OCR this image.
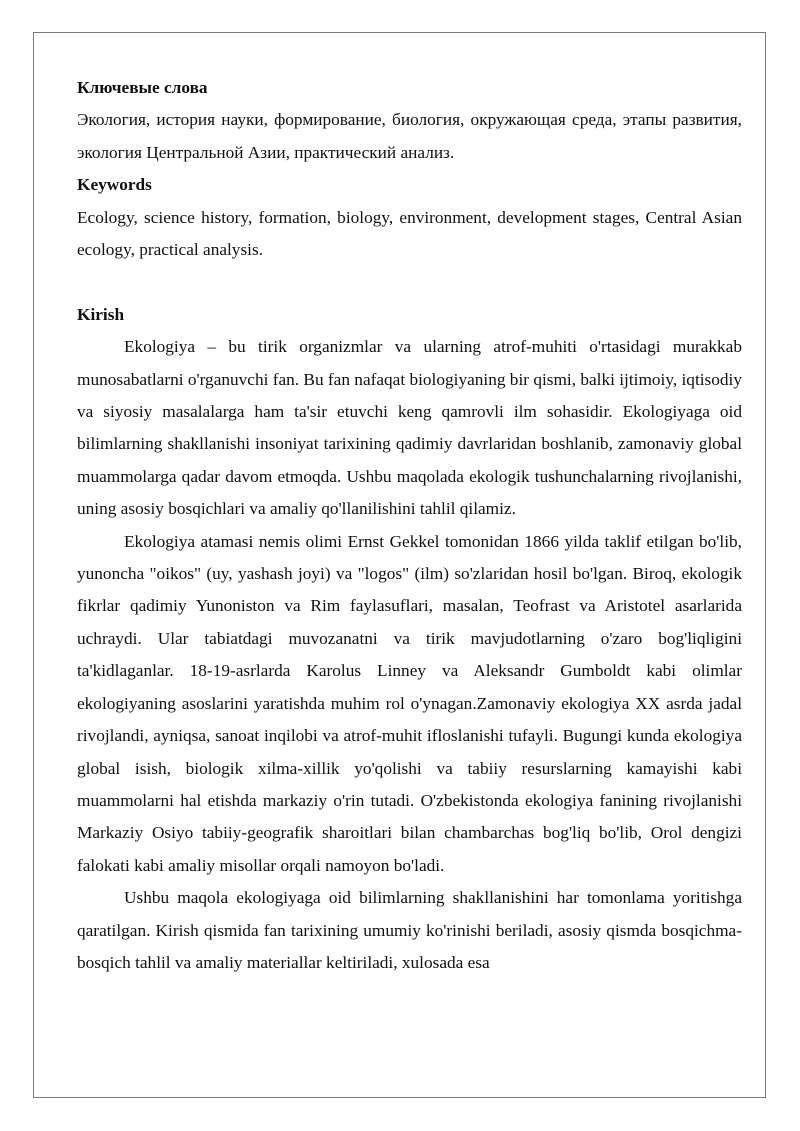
Ключевые слова

Экология, история науки, формирование, биология, окружающая среда, этапы развития, экология Центральной Азии, практический анализ.

Keywords

Ecology, science history, formation, biology, environment, development stages, Central Asian ecology, practical analysis.

Kirish

Ekologiya – bu tirik organizmlar va ularning atrof-muhiti o'rtasidagi murakkab munosabatlarni o'rganuvchi fan. Bu fan nafaqat biologiyaning bir qismi, balki ijtimoiy, iqtisodiy va siyosiy masalalarga ham ta'sir etuvchi keng qamrovli ilm sohasidir. Ekologiyaga oid bilimlarning shakllanishi insoniyat tarixining qadimiy davrlaridan boshlanib, zamonaviy global muammolarga qadar davom etmoqda. Ushbu maqolada ekologik tushunchalarning rivojlanishi, uning asosiy bosqichlari va amaliy qo'llanilishini tahlil qilamiz.

Ekologiya atamasi nemis olimi Ernst Gekkel tomonidan 1866 yilda taklif etilgan bo'lib, yunoncha "oikos" (uy, yashash joyi) va "logos" (ilm) so'zlaridan hosil bo'lgan. Biroq, ekologik fikrlar qadimiy Yunoniston va Rim faylasuflari, masalan, Teofrast va Aristotel asarlarida uchraydi. Ular tabiatdagi muvozanatni va tirik mavjudotlarning o'zaro bog'liqligini ta'kidlaganlar. 18-19-asrlarda Karolus Linney va Aleksandr Gumboldt kabi olimlar ekologiyaning asoslarini yaratishda muhim rol o'ynagan.Zamonaviy ekologiya XX asrda jadal rivojlandi, ayniqsa, sanoat inqilobi va atrof-muhit ifloslanishi tufayli. Bugungi kunda ekologiya global isish, biologik xilma-xillik yo'qolishi va tabiiy resurslarning kamayishi kabi muammolarni hal etishda markaziy o'rin tutadi. O'zbekistonda ekologiya fanining rivojlanishi Markaziy Osiyo tabiiy-geografik sharoitlari bilan chambarchas bog'liq bo'lib, Orol dengizi falokati kabi amaliy misollar orqali namoyon bo'ladi.

Ushbu maqola ekologiyaga oid bilimlarning shakllanishini har tomonlama yoritishga qaratilgan. Kirish qismida fan tarixining umumiy ko'rinishi beriladi, asosiy qismda bosqichma-bosqich tahlil va amaliy materiallar keltiriladi, xulosada esa
